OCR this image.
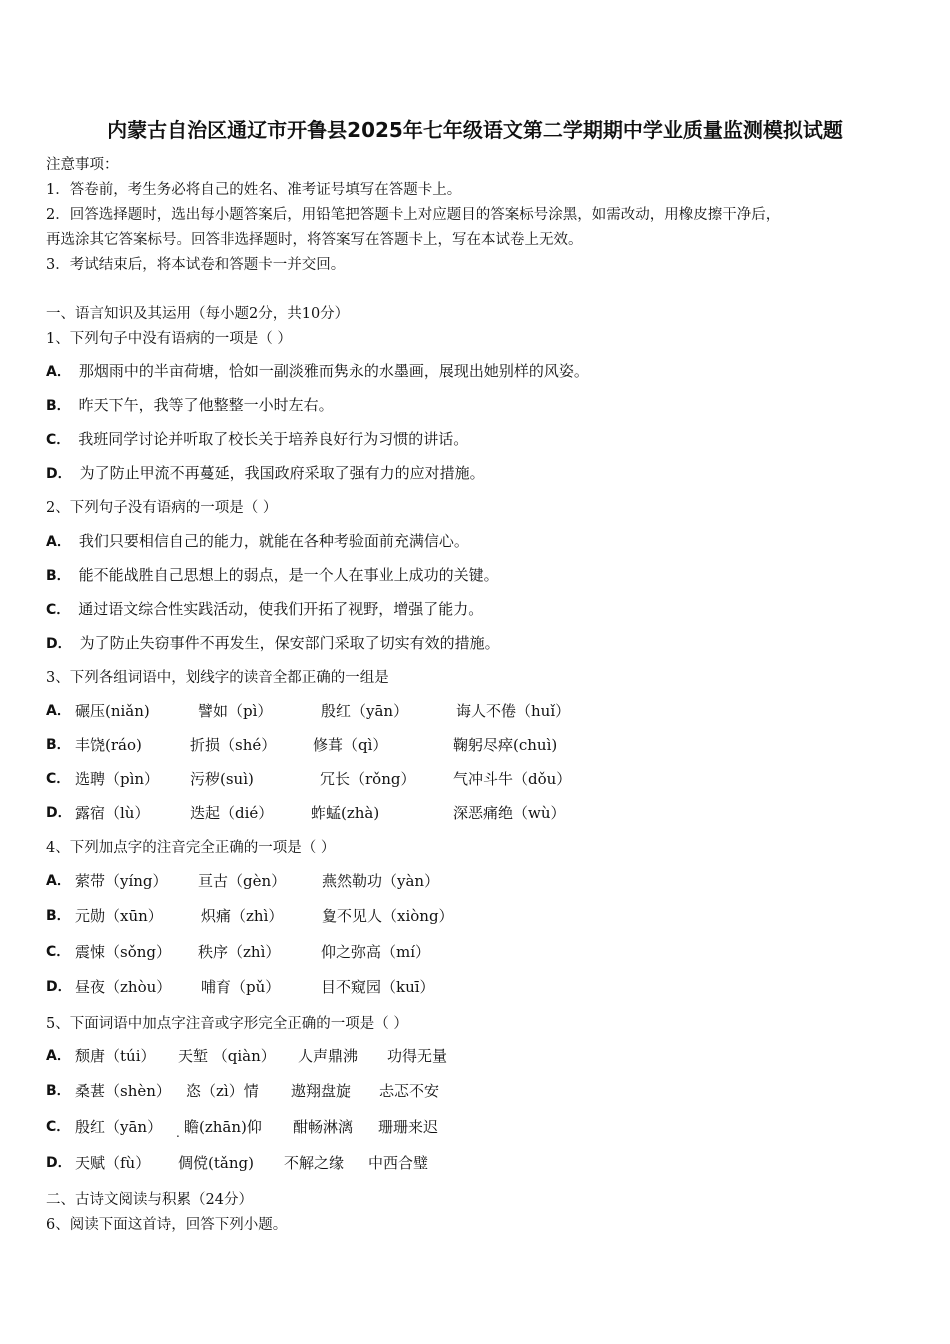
内蒙古自治区通辽市开鲁县2025年七年级语文第二学期期中学业质量监测模拟试题
注意事项：
1．答卷前，考生务必将自己的姓名、准考证号填写在答题卡上。
2．回答选择题时，选出每小题答案后，用铅笔把答题卡上对应题目的答案标号涂黑，如需改动，用橡皮擦干净后，
再选涂其它答案标号。回答非选择题时，将答案写在答题卡上，写在本试卷上无效。
3．考试结束后，将本试卷和答题卡一并交回。
一、语言知识及其运用（每小题2分，共10分）
1、下列句子中没有语病的一项是（ ）
A． 那烟雨中的半亩荷塘，恰如一副淡雅而隽永的水墨画，展现出她别样的风姿。
B． 昨天下午，我等了他整整一小时左右。
C． 我班同学讨论并听取了校长关于培养良好行为习惯的讲话。
D． 为了防止甲流不再蔓延，我国政府采取了强有力的应对措施。
2、下列句子没有语病的一项是（ ）
A． 我们只要相信自己的能力，就能在各种考验面前充满信心。
B． 能不能战胜自己思想上的弱点，是一个人在事业上成功的关键。
C． 通过语文综合性实践活动，使我们开拓了视野，增强了能力。
D． 为了防止失窃事件不再发生，保安部门采取了切实有效的措施。
3、下列各组词语中，划线字的读音全都正确的一组是
A． 碾压(niǎn)	譬如（pì）	殷红（yān）	诲人不倦（huǐ）
B． 丰饶(ráo)	折损（shé） 修葺（qì）	鞠躬尽瘁(chuì)
C． 选聘（pìn） 污秽(suì)	冗长（rǒng）	气冲斗牛（dǒu）
D． 露宿（lù）	迭起（dié）	蚱蜢(zhà)	深恶痛绝（wù）
4、下列加点字的注音完全正确的一项是（ ）
A． 萦带（yíng） 亘古（gèn） 燕然勒功（yàn）
B． 元勋（xūn）	炽痛（zhì）	夐不见人（xiòng）
C． 震悚（sǒng） 秩序（zhì）	仰之弥高（mí）
D． 昼夜（zhòu） 哺育（pǔ）	目不窥园（kuī）
5、下面词语中加点字注音或字形完全正确的一项是（ ）
A． 颓唐（túi） 天堑 （qiàn） 人声鼎沸 功得无量
B． 桑葚（shèn） 恣（zì）情 遨翔盘旋 忐忑不安
C． 殷红（yān） . 瞻(zhān)仰 酣畅淋漓 珊珊来迟
D． 天赋（fù） 倜傥(tǎng) 不解之缘 中西合璧
二、古诗文阅读与积累（24分）
6、阅读下面这首诗，回答下列小题。
